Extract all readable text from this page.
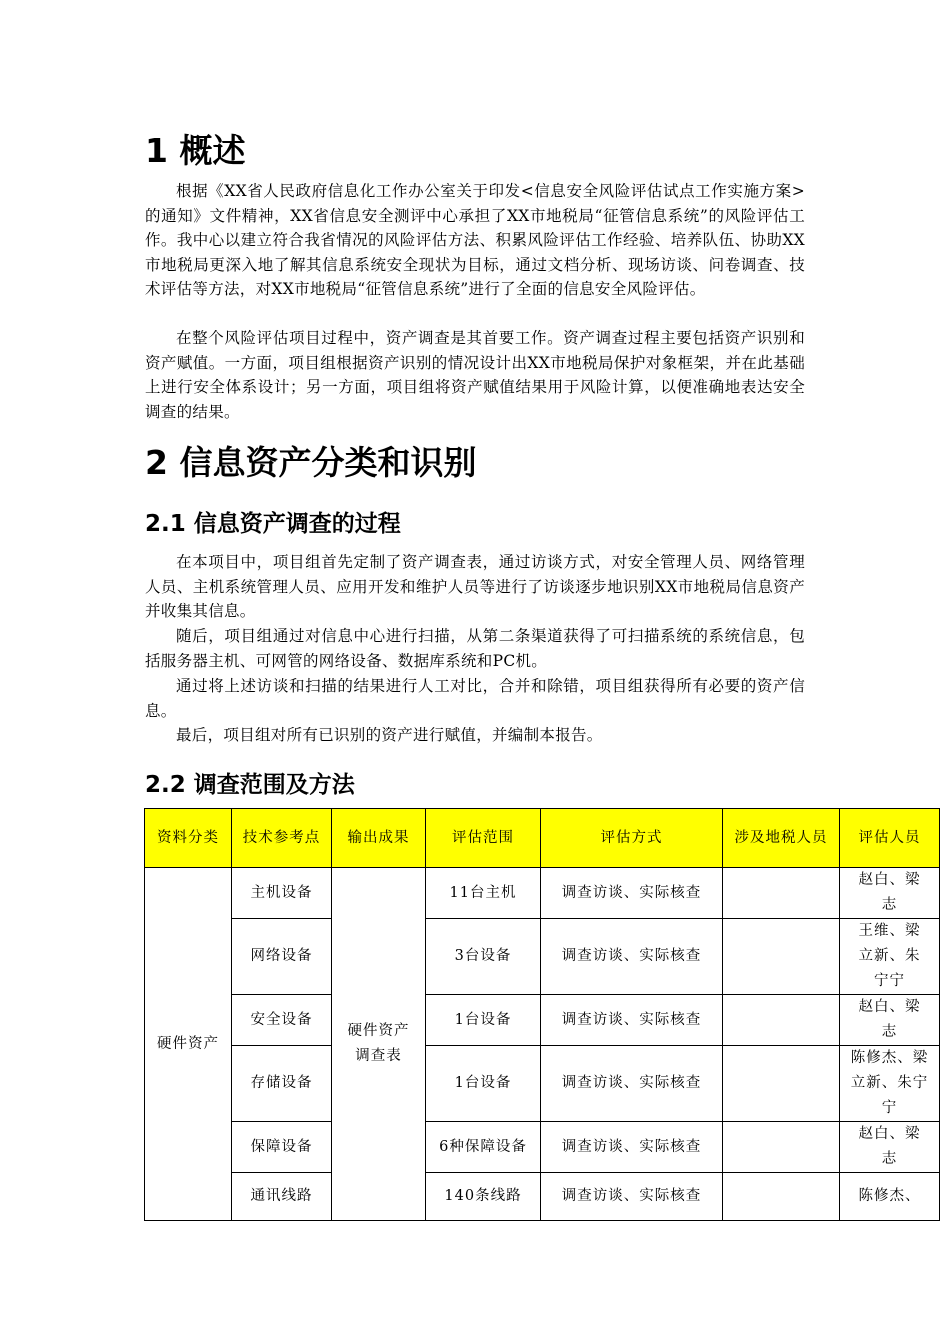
1 概述

根据《XX省人民政府信息化工作办公室关于印发<信息安全风险评估试点工作实施方案>的通知》文件精神，XX省信息安全测评中心承担了XX市地税局“征管信息系统”的风险评估工作。我中心以建立符合我省情况的风险评估方法、积累风险评估工作经验、培养队伍、协助XX市地税局更深入地了解其信息系统安全现状为目标，通过文档分析、现场访谈、问卷调查、技术评估等方法，对XX市地税局“征管信息系统”进行了全面的信息安全风险评估。

在整个风险评估项目过程中，资产调查是其首要工作。资产调查过程主要包括资产识别和资产赋值。一方面，项目组根据资产识别的情况设计出XX市地税局保护对象框架，并在此基础上进行安全体系设计；另一方面，项目组将资产赋值结果用于风险计算，以便准确地表达安全调查的结果。

2 信息资产分类和识别
2.1 信息资产调查的过程

在本项目中，项目组首先定制了资产调查表，通过访谈方式，对安全管理人员、网络管理人员、主机系统管理人员、应用开发和维护人员等进行了访谈逐步地识别XX市地税局信息资产并收集其信息。

随后，项目组通过对信息中心进行扫描，从第二条渠道获得了可扫描系统的系统信息，包括服务器主机、可网管的网络设备、数据库系统和PC机。

通过将上述访谈和扫描的结果进行人工对比，合并和除错，项目组获得所有必要的资产信息。

最后，项目组对所有已识别的资产进行赋值，并编制本报告。

2.2 调查范围及方法
资料分类	技术参考点	输出成果	评估范围	评估方式	涉及地税人员	评估人员
硬件资产	主机设备	硬件资产调查表	11台主机	调查访谈、实际核查		赵白、梁志
	网络设备		3台设备	调查访谈、实际核查		王维、梁立新、朱宁宁
	安全设备		1台设备	调查访谈、实际核查		赵白、梁志
	存储设备		1台设备	调查访谈、实际核查		陈修杰、梁立新、朱宁宁
	保障设备		6种保障设备	调查访谈、实际核查		赵白、梁志
	通讯线路		140条线路	调查访谈、实际核查		陈修杰、
